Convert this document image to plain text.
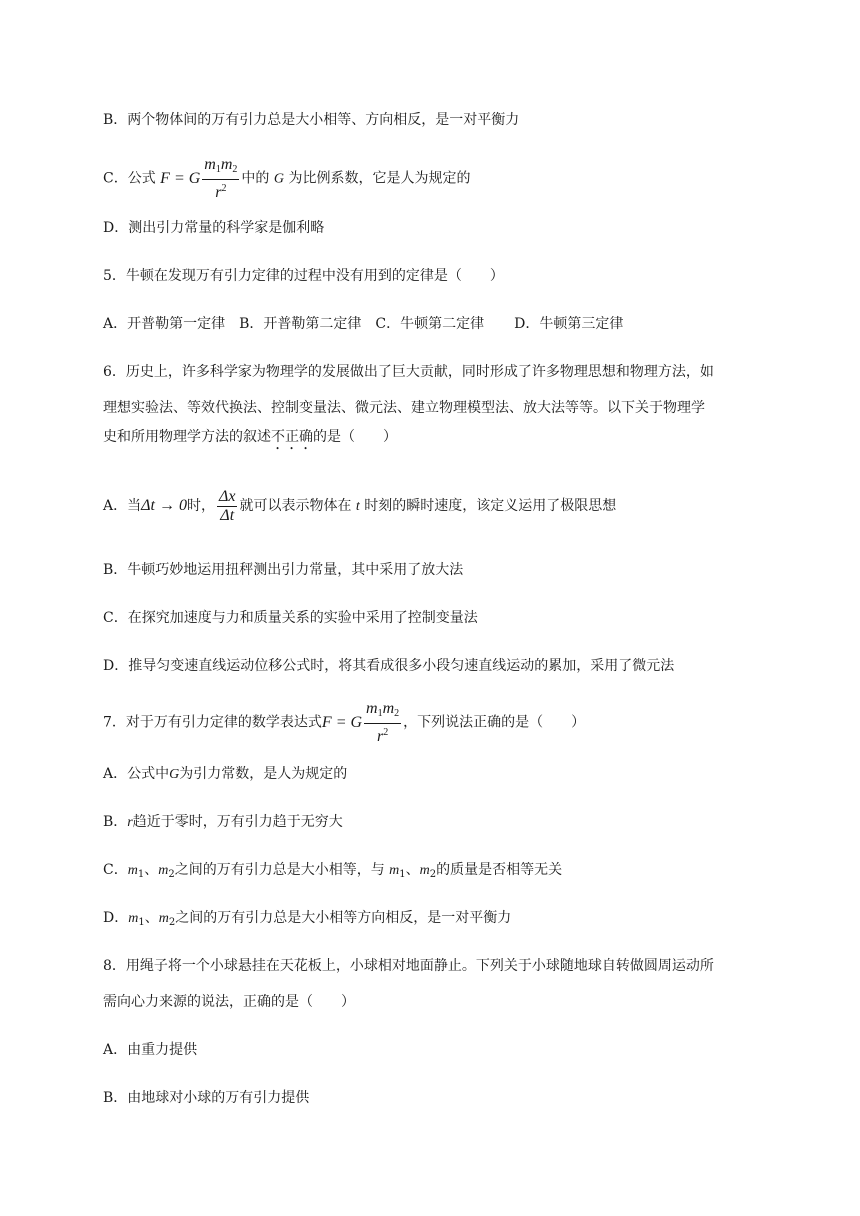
B．两个物体间的万有引力总是大小相等、方向相反，是一对平衡力
C．公式 F = G $\frac{m_1m_2}{r^2}$ 中的 G 为比例系数，它是人为规定的
D．测出引力常量的科学家是伽利略
5．牛顿在发现万有引力定律的过程中没有用到的定律是（　　）
A．开普勒第一定律 B．开普勒第二定律 C．牛顿第二定律 D．牛顿第三定律
6．历史上，许多科学家为物理学的发展做出了巨大贡献，同时形成了许多物理思想和物理方法，如
理想实验法、等效代换法、控制变量法、微元法、建立物理模型法、放大法等等。以下关于物理学
史和所用物理学方法的叙述不正确的是（　　）
A．当Δt → 0时， $\frac{\Delta x}{\Delta t}$ 就可以表示物体在 t 时刻的瞬时速度，该定义运用了极限思想
B．牛顿巧妙地运用扭秤测出引力常量，其中采用了放大法
C．在探究加速度与力和质量关系的实验中采用了控制变量法
D．推导匀变速直线运动位移公式时，将其看成很多小段匀速直线运动的累加，采用了微元法
7．对于万有引力定律的数学表达式F = G $\frac{m_1m_2}{r^2}$ ，下列说法正确的是（　　）
A．公式中G为引力常数，是人为规定的
B．r趋近于零时，万有引力趋于无穷大
C．$m_1$、$m_2$之间的万有引力总是大小相等，与 $m_1$、$m_2$的质量是否相等无关
D．$m_1$、$m_2$之间的万有引力总是大小相等方向相反，是一对平衡力
8．用绳子将一个小球悬挂在天花板上，小球相对地面静止。下列关于小球随地球自转做圆周运动所
需向心力来源的说法，正确的是（　　）
A．由重力提供
B．由地球对小球的万有引力提供
